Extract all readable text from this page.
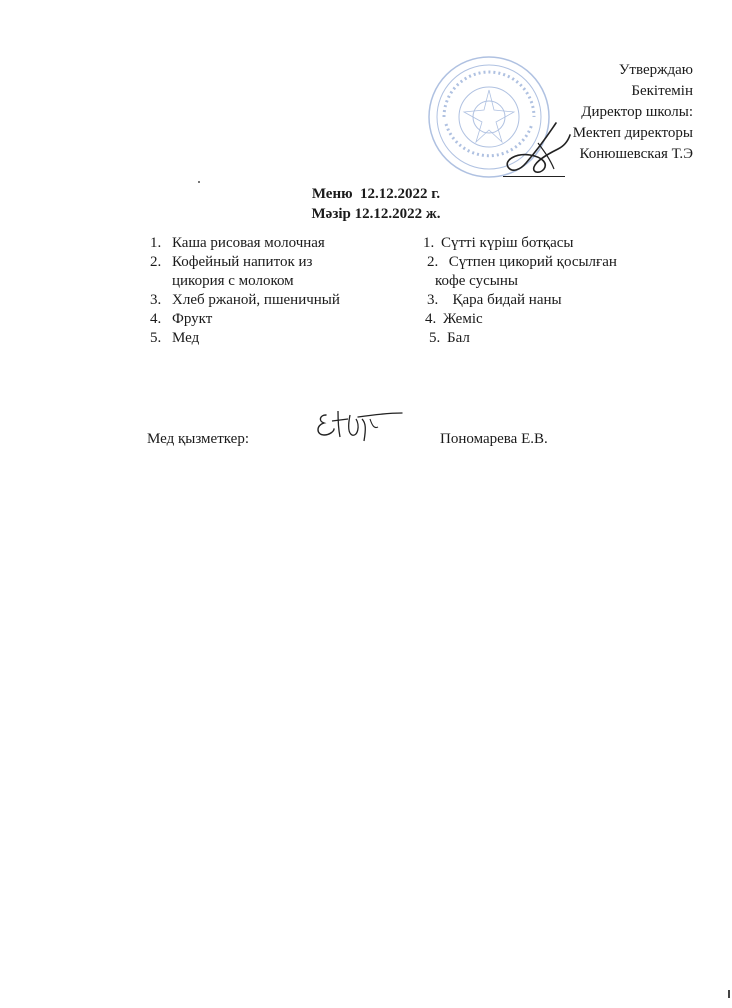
Утверждаю
Бекітемін
Директор школы:
Мектеп директоры
Конюшевская Т.Э
Меню  12.12.2022 г.
Мәзір 12.12.2022 ж.
1. Каша рисовая молочная
2. Кофейный напиток из
цикория с молоком
3. Хлеб ржаной, пшеничный
4. Фрукт
5. Мед
1. Сүтті күріш ботқасы
2. Сүтпен цикорий қосылған
кофе сусыны
3. Қара бидай наны
4. Жеміс
5. Бал
Мед қызметкер:	Пономарева Е.В.
